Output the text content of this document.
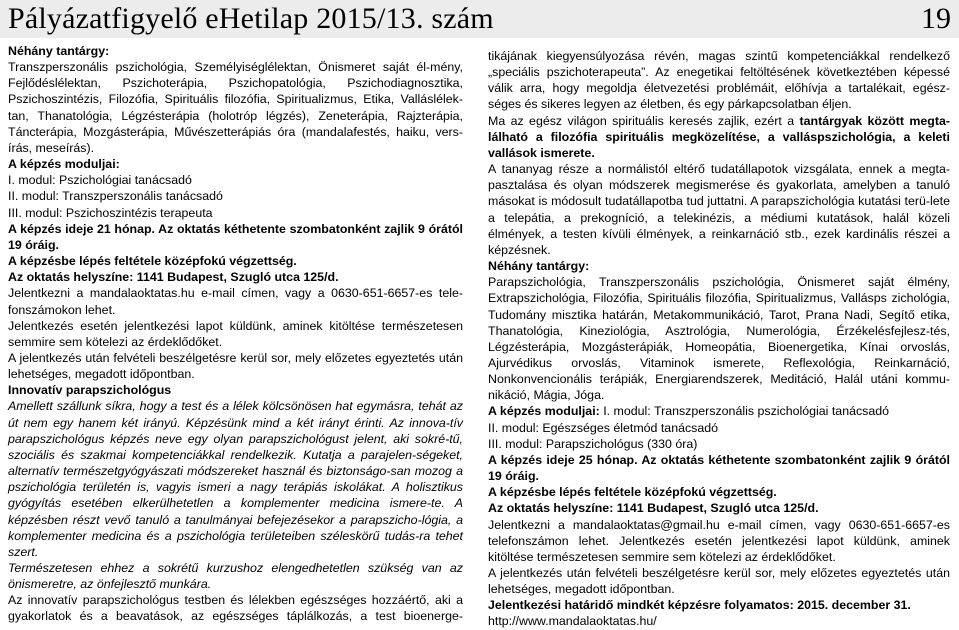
Pályázatfigyelő eHetilap 2015/13. szám	19

Néhány tantárgy:

Transzperszonális pszichológia, Személyiséglélektan, Önismeret saját él-mény, Fejlődéslélektan, Pszichoterápia, Pszichopatológia, Pszichodiagnosztika, Pszichoszintézis, Filozófia, Spirituális filozófia, Spiritualizmus, Etika, Valláslélek-tan, Thanatológia, Légzésterápia (holotróp légzés), Zeneterápia, Rajzterápia, Táncterápia, Mozgásterápia, Művészetterápiás óra (mandalafestés, haiku, vers-írás, meseírás).

A képzés moduljai:

I. modul: Pszichológiai tanácsadó

II. modul: Transzperszonális tanácsadó

III. modul: Pszichoszintézis terapeuta

A képzés ideje 21 hónap. Az oktatás kéthetente szombatonként zajlik 9 órától 19 óráig.

A képzésbe lépés feltétele középfokú végzettség.

Az oktatás helyszíne: 1141 Budapest, Szugló utca 125/d.

Jelentkezni a mandalaoktatas.hu e-mail címen, vagy a 0630-651-6657-es tele-fonszámokon lehet.

Jelentkezés esetén jelentkezési lapot küldünk, aminek kitöltése természetesen semmire sem kötelezi az érdeklődőket.

A jelentkezés után felvételi beszélgetésre kerül sor, mely előzetes egyeztetés után lehetséges, megadott időpontban.

Innovatív parapszichológus

Amellett szállunk síkra, hogy a test és a lélek kölcsönösen hat egymásra, tehát az út nem egy hanem két irányú. Képzésünk mind a két irányt érinti. Az innova-tív parapszichológus képzés neve egy olyan parapszichológust jelent, aki sokré-tű, szociális és szakmai kompetenciákkal rendelkezik. Kutatja a parajelen-ségeket, alternatív természetgyógyászati módszereket használ és biztonságo-san mozog a pszichológia területén is, vagyis ismeri a nagy terápiás iskolákat. A holisztikus gyógyítás esetében elkerülhetetlen a komplementer medicina ismere-te. A képzésben részt vevő tanuló a tanulmányai befejezésekor a parapszicho-lógia, a komplementer medicina és a pszichológia területeiben széleskörű tudás-ra tehet szert.

Természetesen ehhez a sokrétű kurzushoz elengedhetetlen szükség van az önismeretre, az önfejlesztő munkára.

Az innovatív parapszichológus testben és lélekben egészséges hozzáértő, aki a gyakorlatok és a beavatások, az egészséges táplálkozás, a test bioenerge-

tikájának kiegyensúlyozása révén, magas szintű kompetenciákkal rendelkező „speciális pszichoterapeuta”. Az enegetikai feltöltésének következtében képessé válik arra, hogy megoldja életvezetési problémáit, előhívja a tartalékait, egész-séges és sikeres legyen az életben, és egy párkapcsolatban éljen.

Ma az egész világon spirituális keresés zajlik, ezért a tantárgyak között megta-lálható a filozófia spirituális megközelítése, a valláspszichológia, a keleti vallások ismerete.

A tananyag része a normálistól eltérő tudatállapotok vizsgálata, ennek a megta-pasztalása és olyan módszerek megismerése és gyakorlata, amelyben a tanuló másokat is módosult tudatállapotba tud juttatni. A parapszichológia kutatási terü-lete a telepátia, a prekogníció, a telekinézis, a médiumi kutatások, halál közeli élmények, a testen kívüli élmények, a reinkarnáció stb., ezek kardinális részei a képzésnek.

Néhány tantárgy:

Parapszichológia, Transzperszonális pszichológia, Önismeret saját élmény, Extrapszichológia, Filozófia, Spirituális filozófia, Spiritualizmus, Vallásps zichológia, Tudomány misztika határán, Metakommunikáció, Tarot, Prana Nadi, Segítő etika, Thanatológia, Kineziológia, Asztrológia, Numerológia, Érzékelésfejlesz-tés, Légzésterápia, Mozgásterápiák, Homeopátia, Bioenergetika, Kínai orvoslás, Ajurvédikus orvoslás, Vitaminok ismerete, Reflexológia, Reinkarnáció, Nonkonvencionális terápiák, Energiarendszerek, Meditáció, Halál utáni kommu-nikáció, Mágia, Jóga.

A képzés moduljai: I. modul: Transzperszonális pszichológiai tanácsadó

II. modul: Egészséges életmód tanácsadó

III. modul: Parapszichológus (330 óra)

A képzés ideje 25 hónap. Az oktatás kéthetente szombatonként zajlik 9 órától 19 óráig.

A képzésbe lépés feltétele középfokú végzettség.

Az oktatás helyszíne: 1141 Budapest, Szugló utca 125/d.

Jelentkezni a mandalaoktatas@gmail.hu e-mail címen, vagy 0630-651-6657-es telefonszámon lehet. Jelentkezés esetén jelentkezési lapot küldünk, aminek kitöltése természetesen semmire sem kötelezi az érdeklődőket.

A jelentkezés után felvételi beszélgetésre kerül sor, mely előzetes egyeztetés után lehetséges, megadott időpontban.

Jelentkezési határidő mindkét képzésre folyamatos: 2015. december 31.

http://www.mandalaoktatas.hu/
